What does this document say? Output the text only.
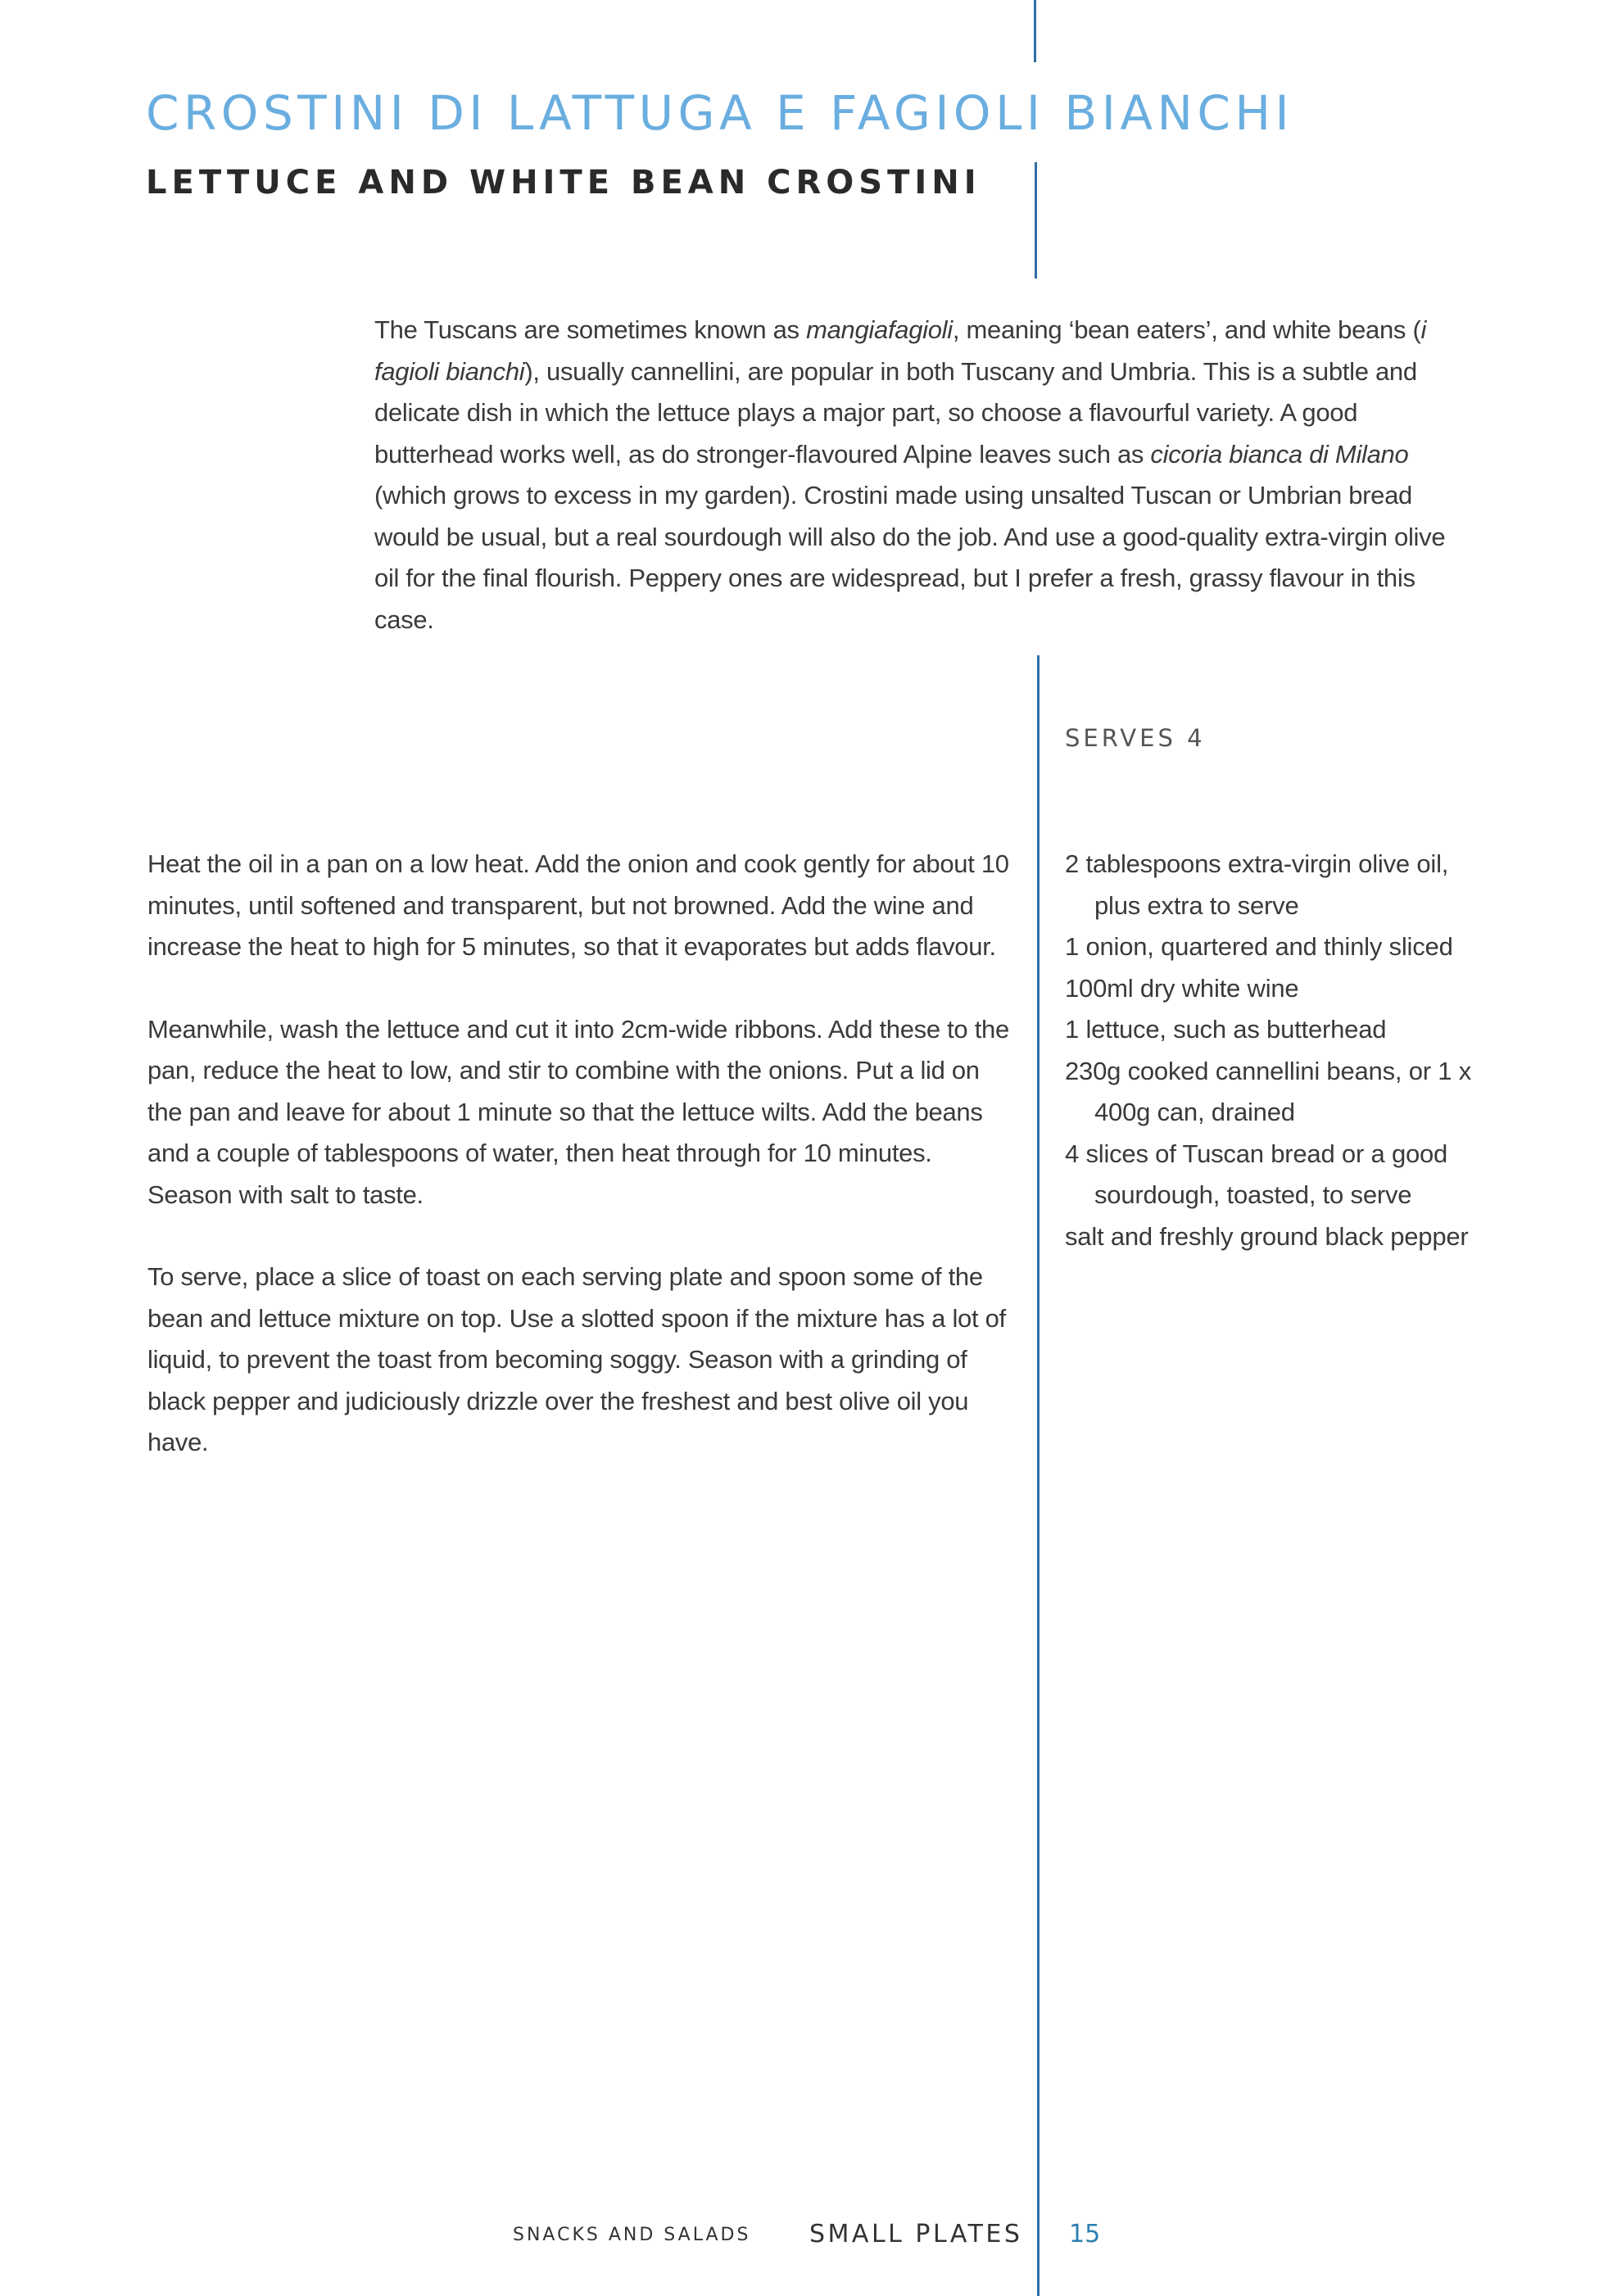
CROSTINI DI LATTUGA E FAGIOLI BIANCHI
LETTUCE AND WHITE BEAN CROSTINI

The Tuscans are sometimes known as mangiafagioli, meaning ‘bean eaters’, and white beans (i fagioli bianchi), usually cannellini, are popular in both Tuscany and Umbria. This is a subtle and delicate dish in which the lettuce plays a major part, so choose a flavourful variety. A good butterhead works well, as do stronger-flavoured Alpine leaves such as cicoria bianca di Milano (which grows to excess in my garden). Crostini made using unsalted Tuscan or Umbrian bread would be usual, but a real sourdough will also do the job. And use a good-quality extra-virgin olive oil for the final flourish. Peppery ones are widespread, but I prefer a fresh, grassy flavour in this case.

SERVES 4

Heat the oil in a pan on a low heat. Add the onion and cook gently for about 10 minutes, until softened and transparent, but not browned. Add the wine and increase the heat to high for 5 minutes, so that it evaporates but adds flavour.

Meanwhile, wash the lettuce and cut it into 2cm-wide ribbons. Add these to the pan, reduce the heat to low, and stir to combine with the onions. Put a lid on the pan and leave for about 1 minute so that the lettuce wilts. Add the beans and a couple of tablespoons of water, then heat through for 10 minutes. Season with salt to taste.

To serve, place a slice of toast on each serving plate and spoon some of the bean and lettuce mixture on top. Use a slotted spoon if the mixture has a lot of liquid, to prevent the toast from becoming soggy. Season with a grinding of black pepper and judiciously drizzle over the freshest and best olive oil you have.

2 tablespoons extra-virgin olive oil, plus extra to serve
1 onion, quartered and thinly sliced
100ml dry white wine
1 lettuce, such as butterhead
230g cooked cannellini beans, or 1 x 400g can, drained
4 slices of Tuscan bread or a good sourdough, toasted, to serve
salt and freshly ground black pepper
SNACKS AND SALADS SMALL PLATES 15
